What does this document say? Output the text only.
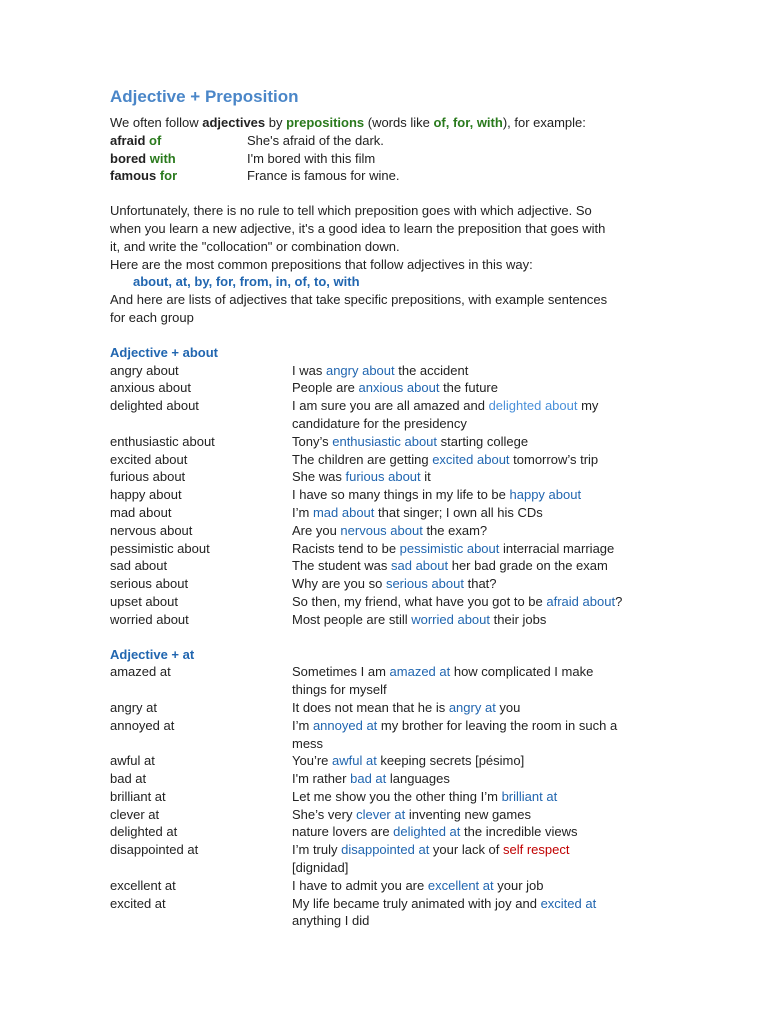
Adjective + Preposition
We often follow adjectives by prepositions (words like of, for, with), for example:
afraid of	She's afraid of the dark.
bored with	I'm bored with this film
famous for	France is famous for wine.
Unfortunately, there is no rule to tell which preposition goes with which adjective. So
when you learn a new adjective, it's a good idea to learn the preposition that goes with
it, and write the "collocation" or combination down.
Here are the most common prepositions that follow adjectives in this way:
about, at, by, for, from, in, of, to, with
And here are lists of adjectives that take specific prepositions, with example sentences
for each group
Adjective + about
angry about	I was angry about the accident
anxious about	People are anxious about the future
delighted about	I am sure you are all amazed and delighted about my
candidature for the presidency
enthusiastic about	Tony’s enthusiastic about starting college
excited about	The children are getting excited about tomorrow’s trip
furious about	She was furious about it
happy about	I have so many things in my life to be happy about
mad about	I’m mad about that singer; I own all his CDs
nervous about	Are you nervous about the exam?
pessimistic about	Racists tend to be pessimistic about interracial marriage
sad about	The student was sad about her bad grade on the exam
serious about	Why are you so serious about that?
upset about	So then, my friend, what have you got to be afraid about?
worried about	Most people are still worried about their jobs
Adjective + at
amazed at	Sometimes I am amazed at how complicated I make
things for myself
angry at	It does not mean that he is angry at you
annoyed at	I’m annoyed at my brother for leaving the room in such a
mess
awful at	You’re awful at keeping secrets [pésimo]
bad at	I'm rather bad at languages
brilliant at	Let me show you the other thing I’m brilliant at
clever at	She’s very clever at inventing new games
delighted at	nature lovers are delighted at the incredible views
disappointed at	I’m truly disappointed at your lack of self respect
[dignidad]
excellent at	I have to admit you are excellent at your job
excited at	My life became truly animated with joy and excited at
anything I did
